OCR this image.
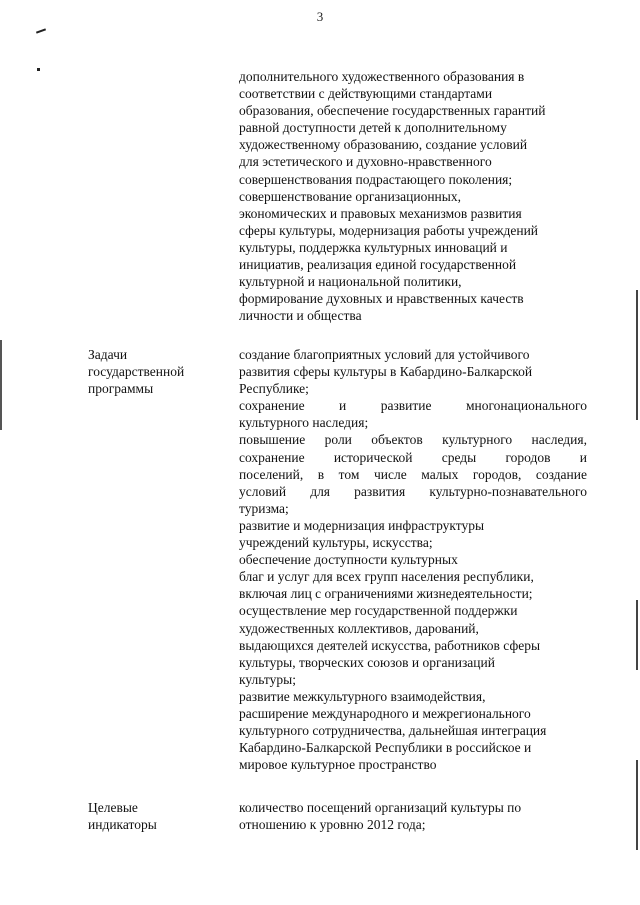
3
дополнительного художественного образования в
соответствии с действующими стандартами
образования, обеспечение государственных гарантий
равной доступности детей к дополнительному
художественному образованию, создание условий
для эстетического и духовно-нравственного
совершенствования подрастающего поколения;
совершенствование организационных,
экономических и правовых механизмов развития
сферы культуры, модернизация работы учреждений
культуры, поддержка культурных инноваций и
инициатив, реализация единой государственной
культурной и национальной политики,
формирование духовных и нравственных качеств
личности и общества
Задачи
государственной
программы
создание благоприятных условий для устойчивого
развития сферы культуры в Кабардино-Балкарской
Республике;
сохранение и развитие многонационального
культурного наследия;
повышение роли объектов культурного наследия,
сохранение исторической среды городов и
поселений, в том числе малых городов, создание
условий для развития культурно-познавательного
туризма;
развитие и модернизация инфраструктуры
учреждений культуры, искусства;
обеспечение доступности культурных
благ и услуг для всех групп населения республики,
включая лиц с ограничениями жизнедеятельности;
осуществление мер государственной поддержки
художественных коллективов, дарований,
выдающихся деятелей искусства, работников сферы
культуры, творческих союзов и организаций
культуры;
развитие межкультурного взаимодействия,
расширение международного и межрегионального
культурного сотрудничества, дальнейшая интеграция
Кабардино-Балкарской Республики в российское и
мировое культурное пространство
Целевые
индикаторы
количество посещений организаций культуры по
отношению к уровню 2012 года;
